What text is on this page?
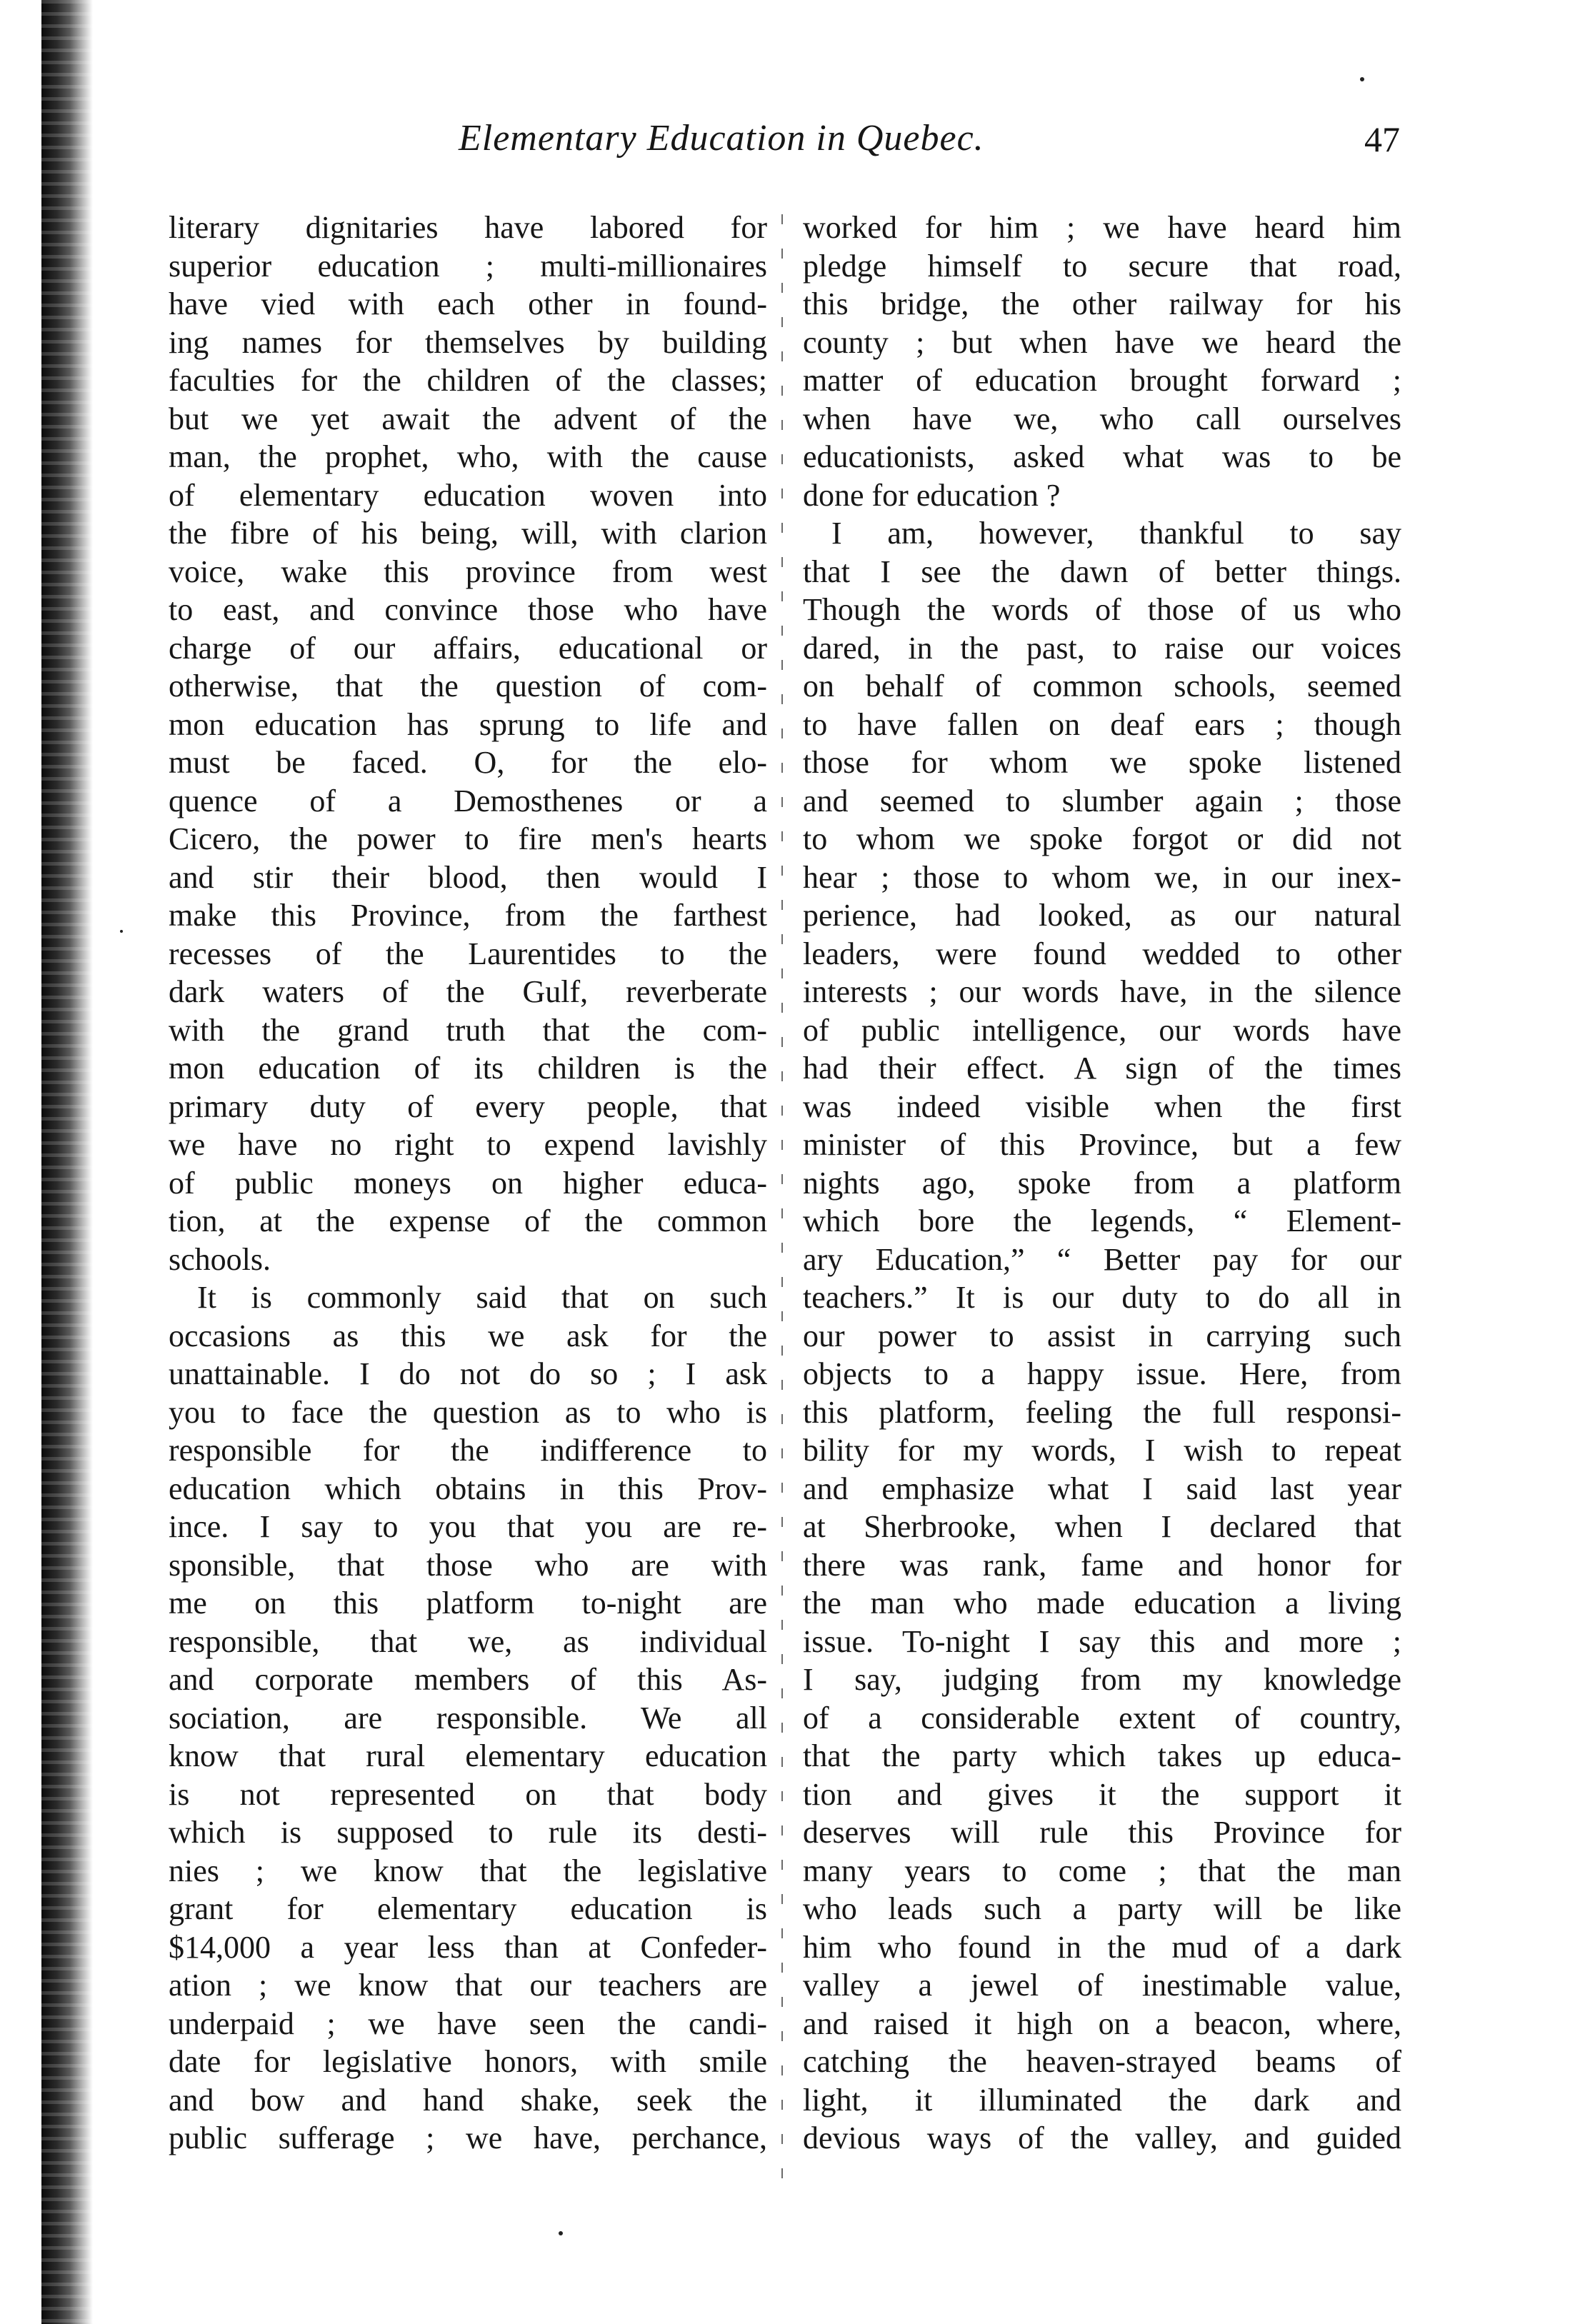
Elementary Education in Quebec.	47
literary dignitaries have labored for
superior education ; multi-millionaires
have vied with each other in found-
ing names for themselves by building
faculties for the children of the classes;
but we yet await the advent of the
man, the prophet, who, with the cause
of elementary education woven into
the fibre of his being, will, with clarion
voice, wake this province from west
to east, and convince those who have
charge of our affairs, educational or
otherwise, that the question of com-
mon education has sprung to life and
must be faced. O, for the elo-
quence of a Demosthenes or a
Cicero, the power to fire men's hearts
and stir their blood, then would I
make this Province, from the farthest
recesses of the Laurentides to the
dark waters of the Gulf, reverberate
with the grand truth that the com-
mon education of its children is the
primary duty of every people, that
we have no right to expend lavishly
of public moneys on higher educa-
tion, at the expense of the common
schools.
It is commonly said that on such
occasions as this we ask for the
unattainable. I do not do so ; I ask
you to face the question as to who is
responsible for the indifference to
education which obtains in this Prov-
ince. I say to you that you are re-
sponsible, that those who are with
me on this platform to-night are
responsible, that we, as individual
and corporate members of this As-
sociation, are responsible. We all
know that rural elementary education
is not represented on that body
which is supposed to rule its desti-
nies ; we know that the legislative
grant for elementary education is
$14,000 a year less than at Confeder-
ation ; we know that our teachers are
underpaid ; we have seen the candi-
date for legislative honors, with smile
and bow and hand shake, seek the
public sufferage ; we have, perchance,
worked for him ; we have heard him
pledge himself to secure that road,
this bridge, the other railway for his
county ; but when have we heard the
matter of education brought forward ;
when have we, who call ourselves
educationists, asked what was to be
done for education ?
I am, however, thankful to say
that I see the dawn of better things.
Though the words of those of us who
dared, in the past, to raise our voices
on behalf of common schools, seemed
to have fallen on deaf ears ; though
those for whom we spoke listened
and seemed to slumber again ; those
to whom we spoke forgot or did not
hear ; those to whom we, in our inex-
perience, had looked, as our natural
leaders, were found wedded to other
interests ; our words have, in the silence
of public intelligence, our words have
had their effect. A sign of the times
was indeed visible when the first
minister of this Province, but a few
nights ago, spoke from a platform
which bore the legends, “ Element-
ary Education,” “ Better pay for our
teachers.” It is our duty to do all in
our power to assist in carrying such
objects to a happy issue. Here, from
this platform, feeling the full responsi-
bility for my words, I wish to repeat
and emphasize what I said last year
at Sherbrooke, when I declared that
there was rank, fame and honor for
the man who made education a living
issue. To-night I say this and more ;
I say, judging from my knowledge
of a considerable extent of country,
that the party which takes up educa-
tion and gives it the support it
deserves will rule this Province for
many years to come ; that the man
who leads such a party will be like
him who found in the mud of a dark
valley a jewel of inestimable value,
and raised it high on a beacon, where,
catching the heaven-strayed beams of
light, it illuminated the dark and
devious ways of the valley, and guided
